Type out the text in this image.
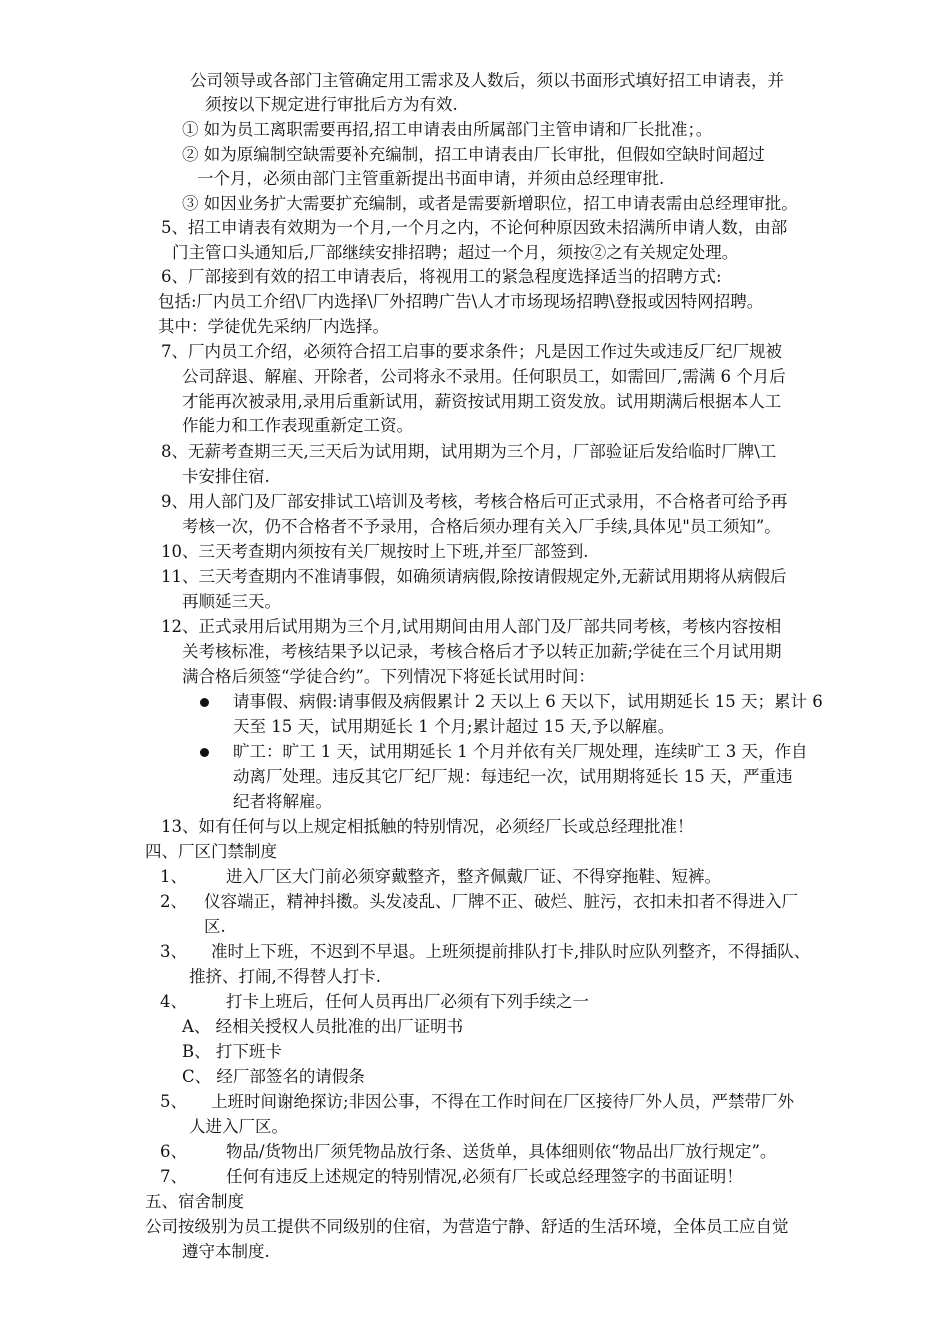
公司领导或各部门主管确定用工需求及人数后，须以书面形式填好招工申请表，并
须按以下规定进行审批后方为有效.
① 如为员工离职需要再招,招工申请表由所属部门主管申请和厂长批准；。
② 如为原编制空缺需要补充编制，招工申请表由厂长审批，但假如空缺时间超过
一个月，必须由部门主管重新提出书面申请，并须由总经理审批.
③ 如因业务扩大需要扩充编制，或者是需要新增职位，招工申请表需由总经理审批。
5、招工申请表有效期为一个月,一个月之内，不论何种原因致未招满所申请人数，由部
门主管口头通知后,厂部继续安排招聘；超过一个月，须按②之有关规定处理。
6、厂部接到有效的招工申请表后，将视用工的紧急程度选择适当的招聘方式:
包括:厂内员工介绍\厂内选择\厂外招聘广告\人才市场现场招聘\登报或因特网招聘。
其中：学徒优先采纳厂内选择。
7、厂内员工介绍，必须符合招工启事的要求条件；凡是因工作过失或违反厂纪厂规被
公司辞退、解雇、开除者，公司将永不录用。任何职员工，如需回厂,需满 6 个月后
才能再次被录用,录用后重新试用，薪资按试用期工资发放。试用期满后根据本人工
作能力和工作表现重新定工资。
8、无薪考查期三天,三天后为试用期，试用期为三个月，厂部验证后发给临时厂牌\工
卡安排住宿.
9、用人部门及厂部安排试工\培训及考核，考核合格后可正式录用，不合格者可给予再
考核一次，仍不合格者不予录用，合格后须办理有关入厂手续,具体见"员工须知”。
10、三天考查期内须按有关厂规按时上下班,并至厂部签到.
11、三天考查期内不准请事假，如确须请病假,除按请假规定外,无薪试用期将从病假后
再顺延三天。
12、正式录用后试用期为三个月,试用期间由用人部门及厂部共同考核，考核内容按相
关考核标准，考核结果予以记录，考核合格后才予以转正加薪;学徒在三个月试用期
满合格后须签“学徒合约”。下列情况下将延长试用时间：
请事假、病假:请事假及病假累计 2 天以上 6 天以下，试用期延长 15 天；累计 6
天至 15 天，试用期延长 1 个月;累计超过 15 天,予以解雇。
旷工：旷工 1 天，试用期延长 1 个月并依有关厂规处理，连续旷工 3 天，作自
动离厂处理。违反其它厂纪厂规：每违纪一次，试用期将延长 15 天，严重违
纪者将解雇。
13、如有任何与以上规定相抵触的特别情况，必须经厂长或总经理批准！
四、厂区门禁制度
1、 进入厂区大门前必须穿戴整齐，整齐佩戴厂证、不得穿拖鞋、短裤。
2、 仪容端正，精神抖擞。头发凌乱、厂牌不正、破烂、脏污，衣扣未扣者不得进入厂
区.
3、 准时上下班，不迟到不早退。上班须提前排队打卡,排队时应队列整齐，不得插队、
推挤、打闹,不得替人打卡.
4、 打卡上班后，任何人员再出厂必须有下列手续之一
A、 经相关授权人员批准的出厂证明书
B、 打下班卡
C、 经厂部签名的请假条
5、 上班时间谢绝探访;非因公事，不得在工作时间在厂区接待厂外人员，严禁带厂外
人进入厂区。
6、 物品/货物出厂须凭物品放行条、送货单，具体细则依“物品出厂放行规定”。
7、 任何有违反上述规定的特别情况,必须有厂长或总经理签字的书面证明！
五、宿舍制度
公司按级别为员工提供不同级别的住宿，为营造宁静、舒适的生活环境，全体员工应自觉
遵守本制度.
